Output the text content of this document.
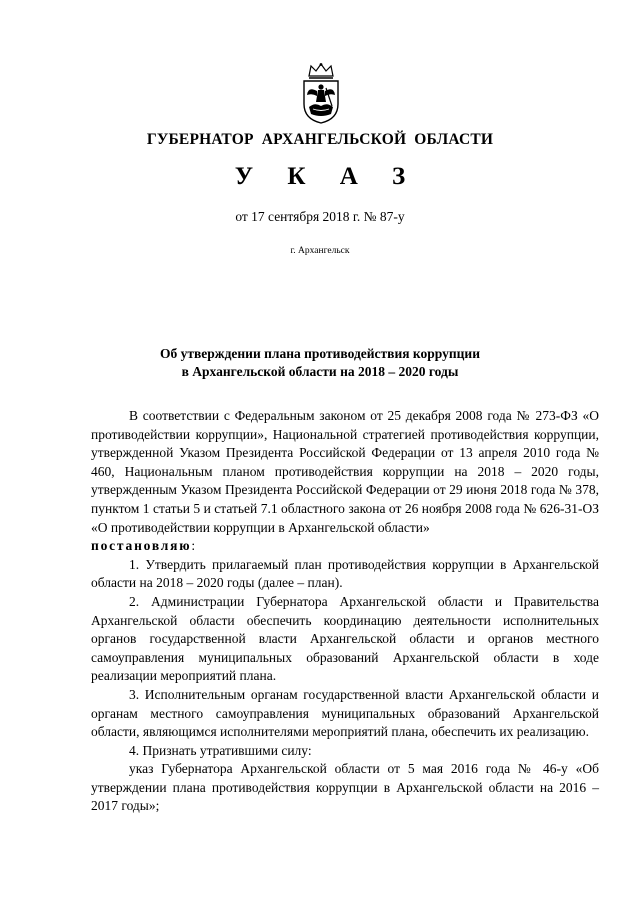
ГУБЕРНАТОР АРХАНГЕЛЬСКОЙ ОБЛАСТИ
У К А З
от 17 сентября 2018 г. № 87-у
г. Архангельск
Об утверждении плана противодействия коррупции
в Архангельской области на 2018 – 2020 годы

В соответствии с Федеральным законом от 25 декабря 2008 года № 273-ФЗ «О противодействии коррупции», Национальной стратегией противодействия коррупции, утвержденной Указом Президента Российской Федерации от 13 апреля 2010 года № 460, Национальным планом противодействия коррупции на 2018 – 2020 годы, утвержденным Указом Президента Российской Федерации от 29 июня 2018 года № 378, пунктом 1 статьи 5 и статьей 7.1 областного закона от 26 ноября 2008 года № 626-31-ОЗ «О противодействии коррупции в Архангельской области»

постановляю:

1. Утвердить прилагаемый план противодействия коррупции в Архангельской области на 2018 – 2020 годы (далее – план).

2. Администрации Губернатора Архангельской области и Правительства Архангельской области обеспечить координацию деятельности исполнительных органов государственной власти Архангельской области и органов местного самоуправления муниципальных образований Архангельской области в ходе реализации мероприятий плана.

3. Исполнительным органам государственной власти Архангельской области и органам местного самоуправления муниципальных образований Архангельской области, являющимся исполнителями мероприятий плана, обеспечить их реализацию.

4. Признать утратившими силу:

указ Губернатора Архангельской области от 5 мая 2016 года № 46-у «Об утверждении плана противодействия коррупции в Архангельской области на 2016 – 2017 годы»;
